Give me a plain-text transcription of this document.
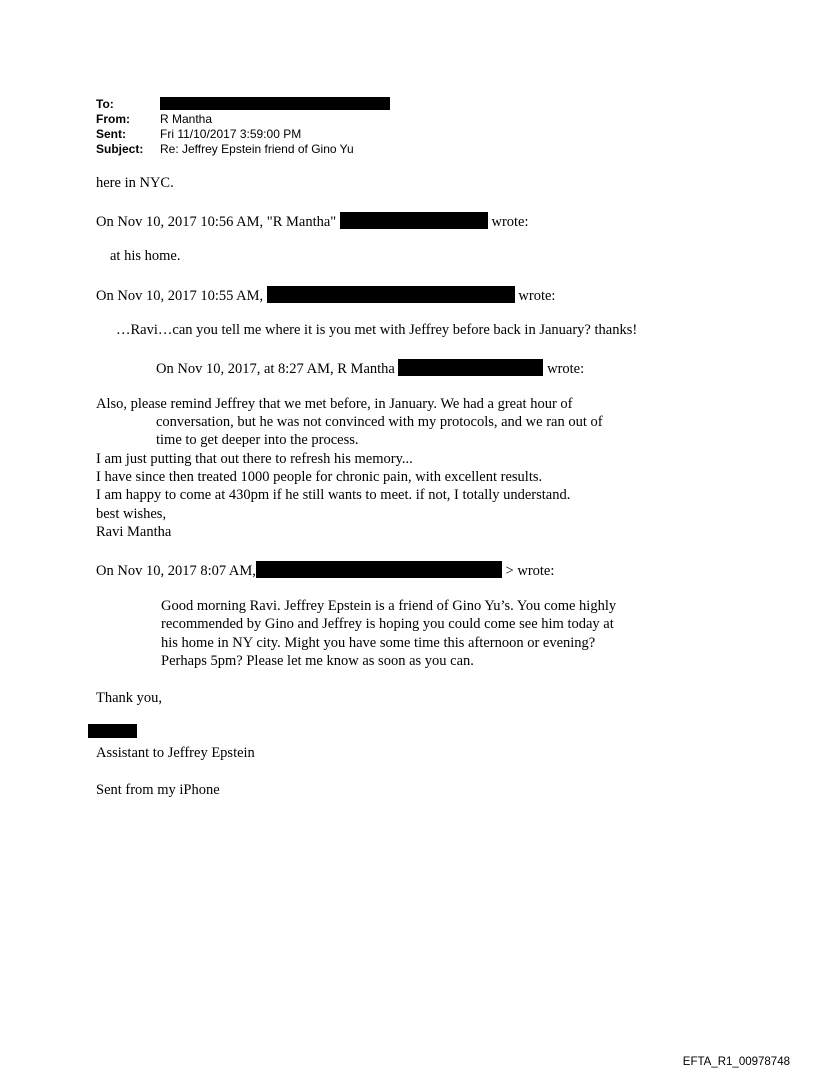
To:
From:	R Mantha
Sent:	Fri 11/10/2017 3:59:00 PM
Subject: Re: Jeffrey Epstein friend of Gino Yu
here in NYC.
On Nov 10, 2017 10:56 AM, "R Mantha"	wrote:
at his home.
On Nov 10, 2017 10:55 AM,	wrote:
…Ravi…can you tell me where it is you met with Jeffrey before back in January? thanks!
On Nov 10, 2017, at 8:27 AM, R Mantha	wrote:
Also, please remind Jeffrey that we met before, in January. We had a great hour of
conversation, but he was not convinced with my protocols, and we ran out of
time to get deeper into the process.
I am just putting that out there to refresh his memory...
I have since then treated 1000 people for chronic pain, with excellent results.
I am happy to come at 430pm if he still wants to meet. if not, I totally understand.
best wishes,
Ravi Mantha
On Nov 10, 2017 8:07 AM,	> wrote:
Good morning Ravi. Jeffrey Epstein is a friend of Gino Yu’s. You come highly
recommended by Gino and Jeffrey is hoping you could come see him today at
his home in NY city. Might you have some time this afternoon or evening?
Perhaps 5pm? Please let me know as soon as you can.
Thank you,
Assistant to Jeffrey Epstein
Sent from my iPhone
EFTA_R1_00978748
